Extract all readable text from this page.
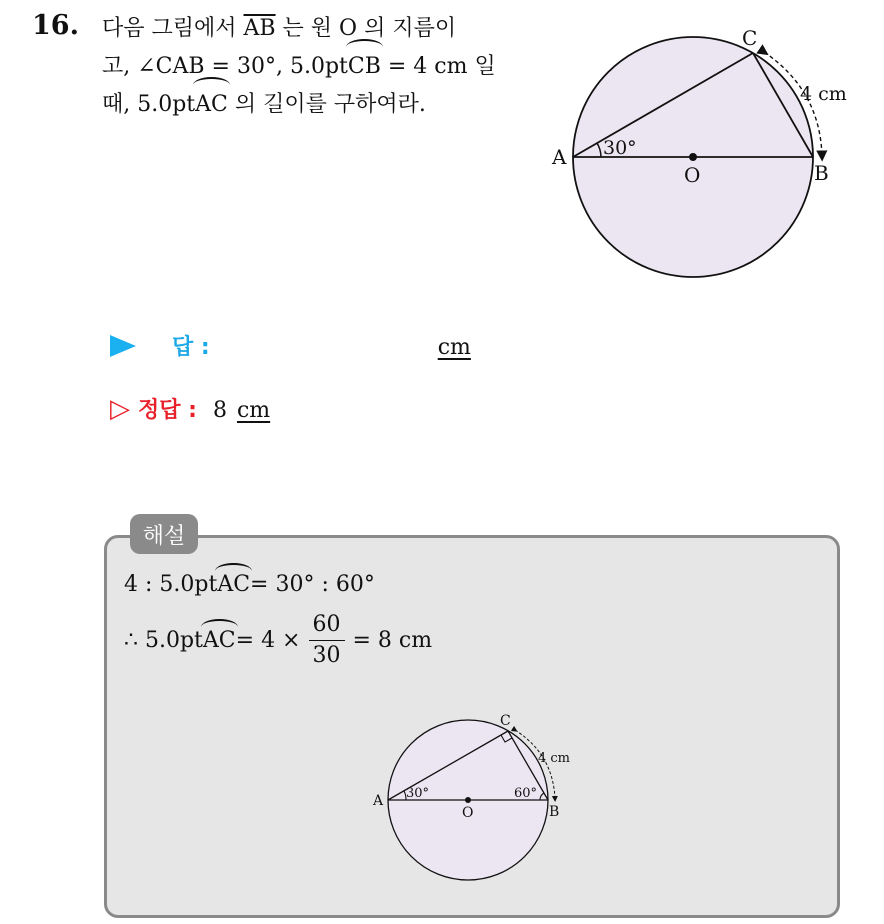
16. 다음 그림에서 $\overline{AB}$ 는 원 O 의 지름이
고, ∠CAB = 30°, 5.0ptCB = 4 cm 일
때, 5.0ptAC 의 길이를 구하여라.
A
B
C
O
30°
4 cm
답 :	cm
▷ 정답 : 8 cm
해설
4 : 5.0pt AC = 30° : 60°
∴ 5.0pt AC = $4 \times \frac{60}{30} = 8$ cm
A
B
C
O
30°	60°
4 cm
